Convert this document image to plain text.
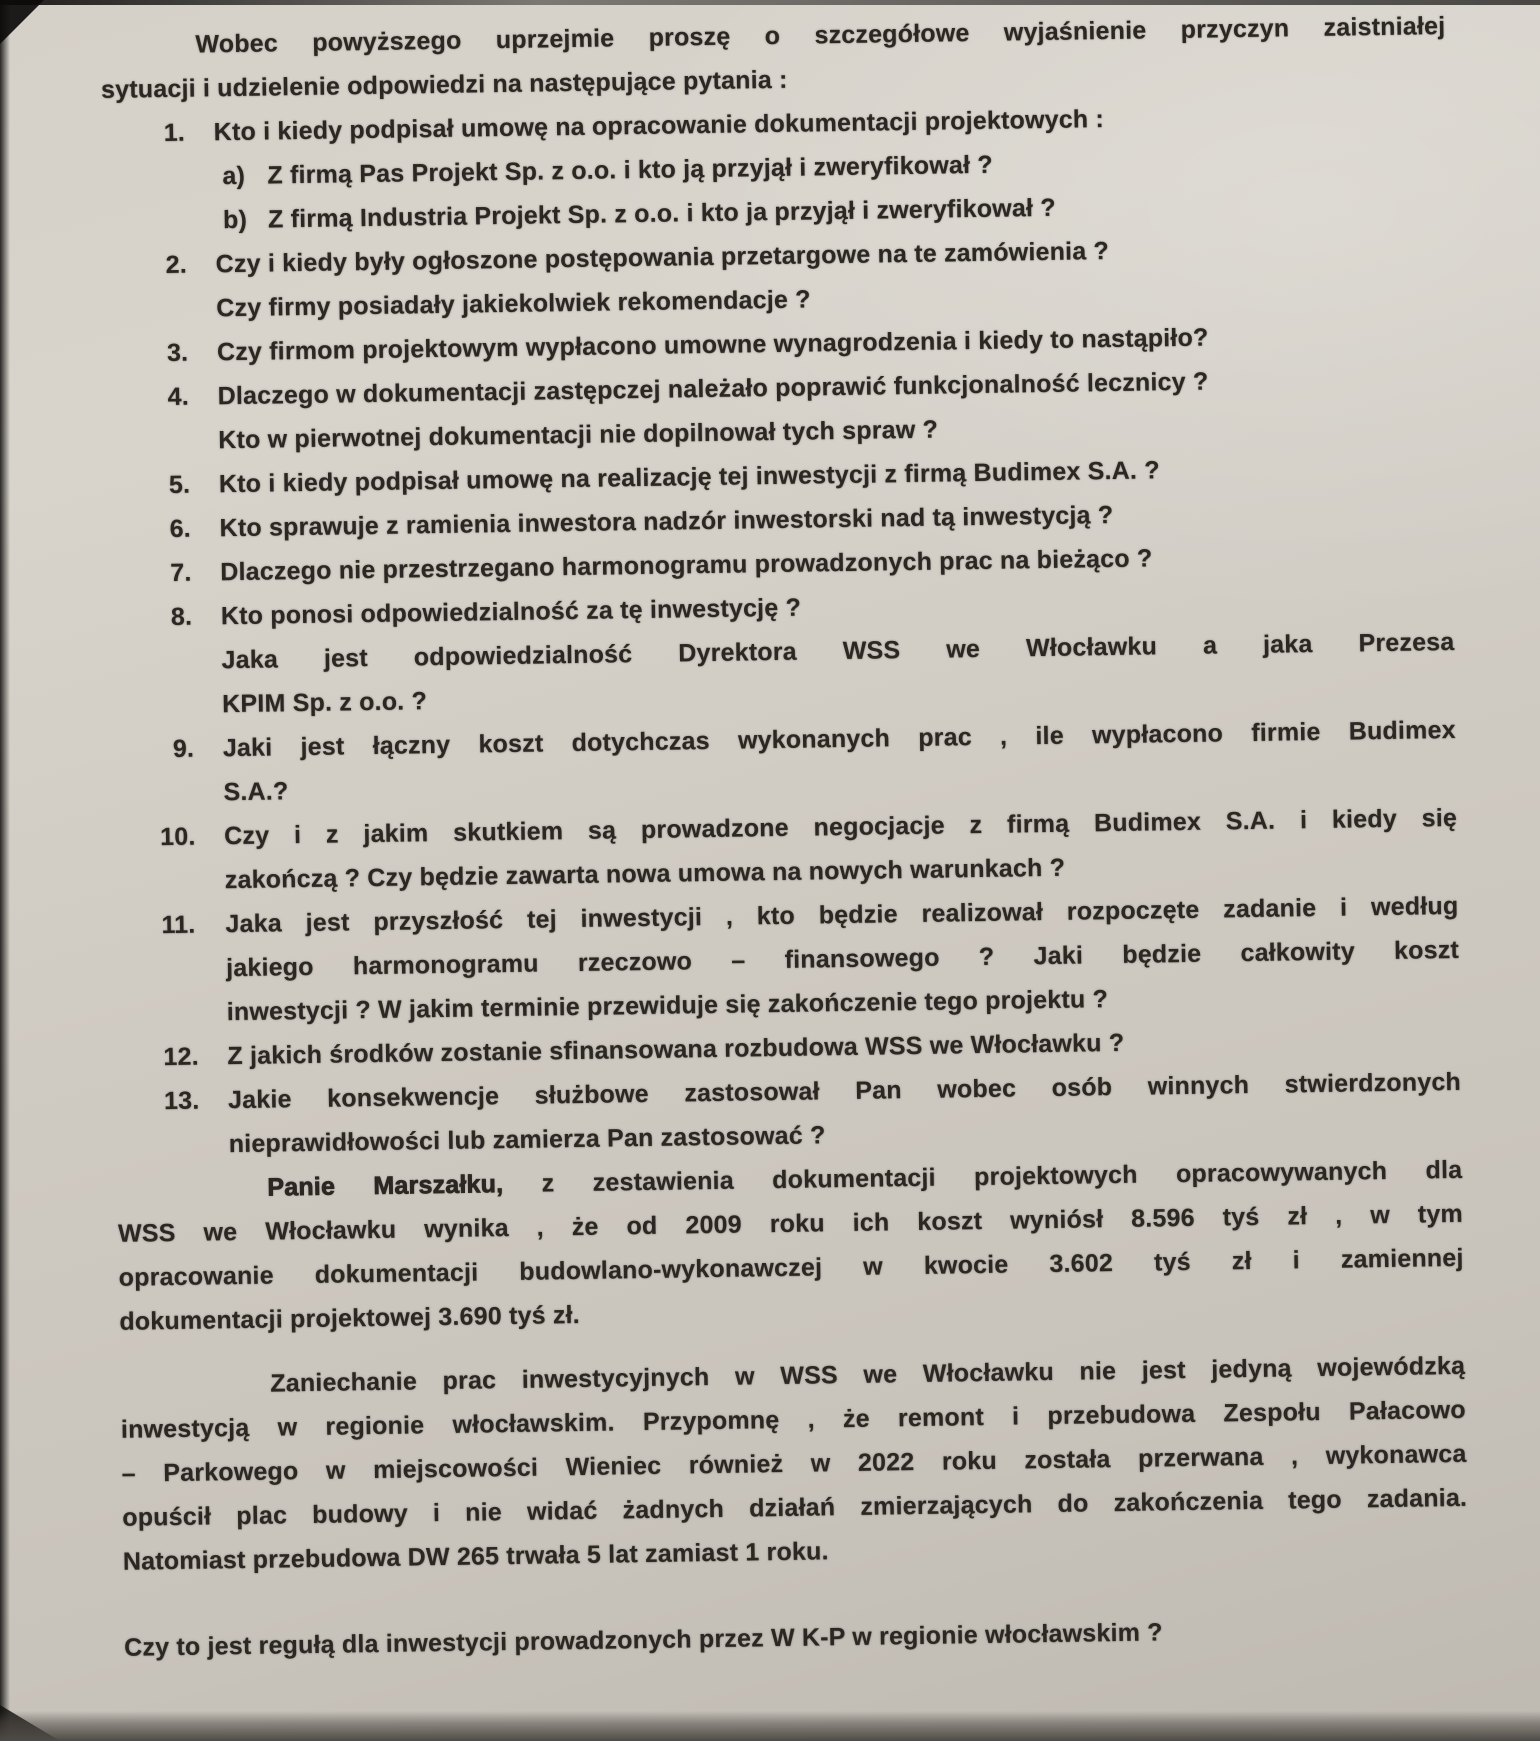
Wobec powyższego uprzejmie proszę o szczegółowe wyjaśnienie przyczyn zaistniałej
sytuacji i udzielenie odpowiedzi na następujące pytania :
1. Kto i kiedy podpisał umowę na opracowanie dokumentacji projektowych :
a) Z firmą Pas Projekt Sp. z o.o. i kto ją przyjął i zweryfikował ?
b) Z firmą Industria Projekt Sp. z o.o. i kto ja przyjął i zweryfikował ?
2. Czy i kiedy były ogłoszone postępowania przetargowe na te zamówienia ?
Czy firmy posiadały jakiekolwiek rekomendacje ?
3. Czy firmom projektowym wypłacono umowne wynagrodzenia i kiedy to nastąpiło?
4. Dlaczego w dokumentacji zastępczej należało poprawić funkcjonalność lecznicy ?
Kto w pierwotnej dokumentacji nie dopilnował tych spraw ?
5. Kto i kiedy podpisał umowę na realizację tej inwestycji z firmą Budimex S.A. ?
6. Kto sprawuje z ramienia inwestora nadzór inwestorski nad tą inwestycją ?
7. Dlaczego nie przestrzegano harmonogramu prowadzonych prac na bieżąco ?
8. Kto ponosi odpowiedzialność za tę inwestycję ?
Jaka jest odpowiedzialność Dyrektora WSS we Włocławku a jaka Prezesa
KPIM Sp. z o.o. ?
9. Jaki jest łączny koszt dotychczas wykonanych prac , ile wypłacono firmie Budimex
S.A.?
10. Czy i z jakim skutkiem są prowadzone negocjacje z firmą Budimex S.A. i kiedy się
zakończą ? Czy będzie zawarta nowa umowa na nowych warunkach ?
11. Jaka jest przyszłość tej inwestycji , kto będzie realizował rozpoczęte zadanie i według
jakiego harmonogramu rzeczowo – finansowego ? Jaki będzie całkowity koszt
inwestycji ? W jakim terminie przewiduje się zakończenie tego projektu ?
12. Z jakich środków zostanie sfinansowana rozbudowa WSS we Włocławku ?
13. Jakie konsekwencje służbowe zastosował Pan wobec osób winnych stwierdzonych
nieprawidłowości lub zamierza Pan zastosować ?
Panie Marszałku, z zestawienia dokumentacji projektowych opracowywanych dla
WSS we Włocławku wynika , że od 2009 roku ich koszt wyniósł 8.596 tyś zł , w tym
opracowanie dokumentacji budowlano-wykonawczej w kwocie 3.602 tyś zł i zamiennej
dokumentacji projektowej 3.690 tyś zł.
Zaniechanie prac inwestycyjnych w WSS we Włocławku nie jest jedyną wojewódzką
inwestycją w regionie włocławskim. Przypomnę , że remont i przebudowa Zespołu Pałacowo
– Parkowego w miejscowości Wieniec również w 2022 roku została przerwana , wykonawca
opuścił plac budowy i nie widać żadnych działań zmierzających do zakończenia tego zadania.
Natomiast przebudowa DW 265 trwała 5 lat zamiast 1 roku.
Czy to jest regułą dla inwestycji prowadzonych przez W K-P w regionie włocławskim ?
